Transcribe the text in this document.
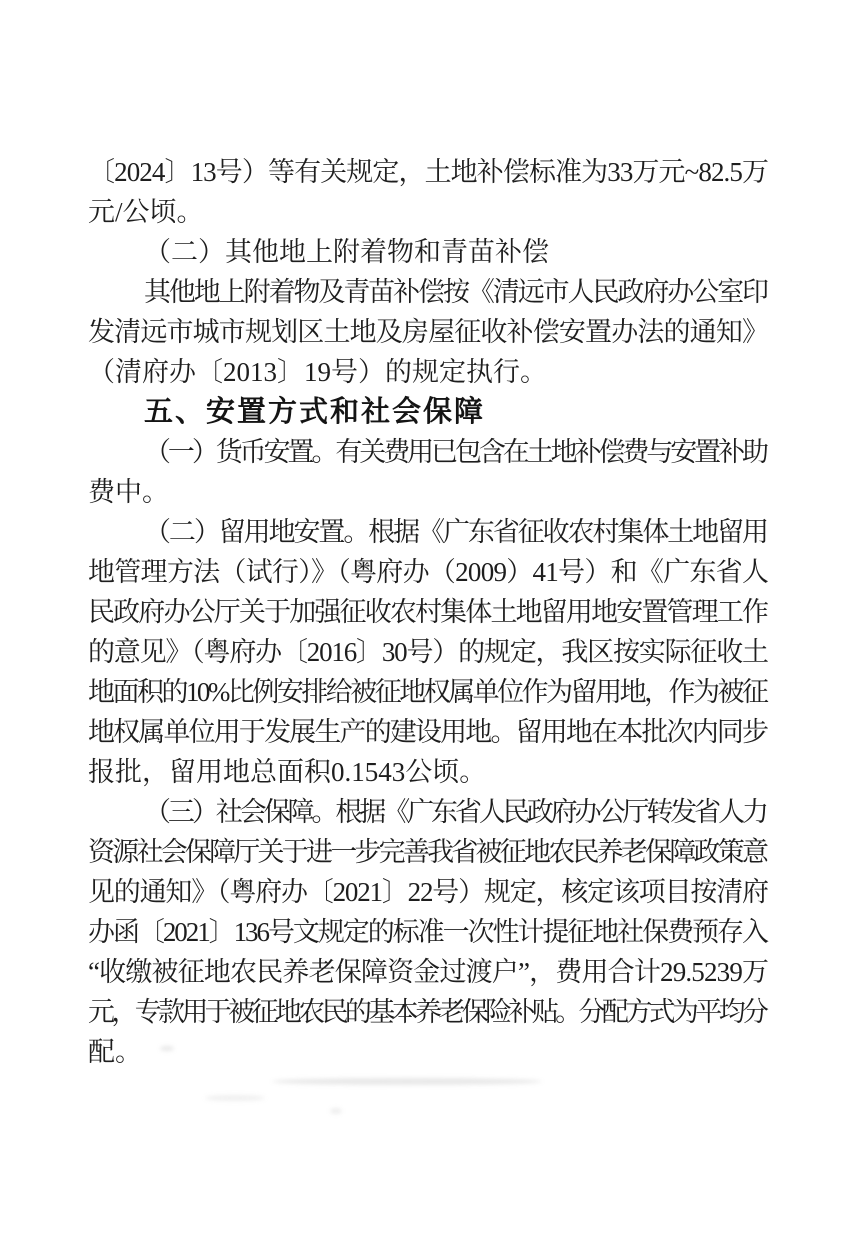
〔2024〕13号）等有关规定，土地补偿标准为33万元~82.5万
元/公顷。
（二）其他地上附着物和青苗补偿
其他地上附着物及青苗补偿按《清远市人民政府办公室印
发清远市城市规划区土地及房屋征收补偿安置办法的通知》
（清府办〔2013〕19号）的规定执行。
五、安置方式和社会保障
（一）货币安置。有关费用已包含在土地补偿费与安置补助
费中。
（二）留用地安置。根据《广东省征收农村集体土地留用
地管理方法（试行）》（粤府办（2009）41号）和《广东省人
民政府办公厅关于加强征收农村集体土地留用地安置管理工作
的意见》（粤府办〔2016〕30号）的规定，我区按实际征收土
地面积的10%比例安排给被征地权属单位作为留用地，作为被征
地权属单位用于发展生产的建设用地。留用地在本批次内同步
报批，留用地总面积0.1543公顷。
（三）社会保障。根据《广东省人民政府办公厅转发省人力
资源社会保障厅关于进一步完善我省被征地农民养老保障政策意
见的通知》（粤府办〔2021〕22号）规定，核定该项目按清府
办函〔2021〕136号文规定的标准一次性计提征地社保费预存入
“收缴被征地农民养老保障资金过渡户”，费用合计29.5239万
元，专款用于被征地农民的基本养老保险补贴。分配方式为平均分
配。
